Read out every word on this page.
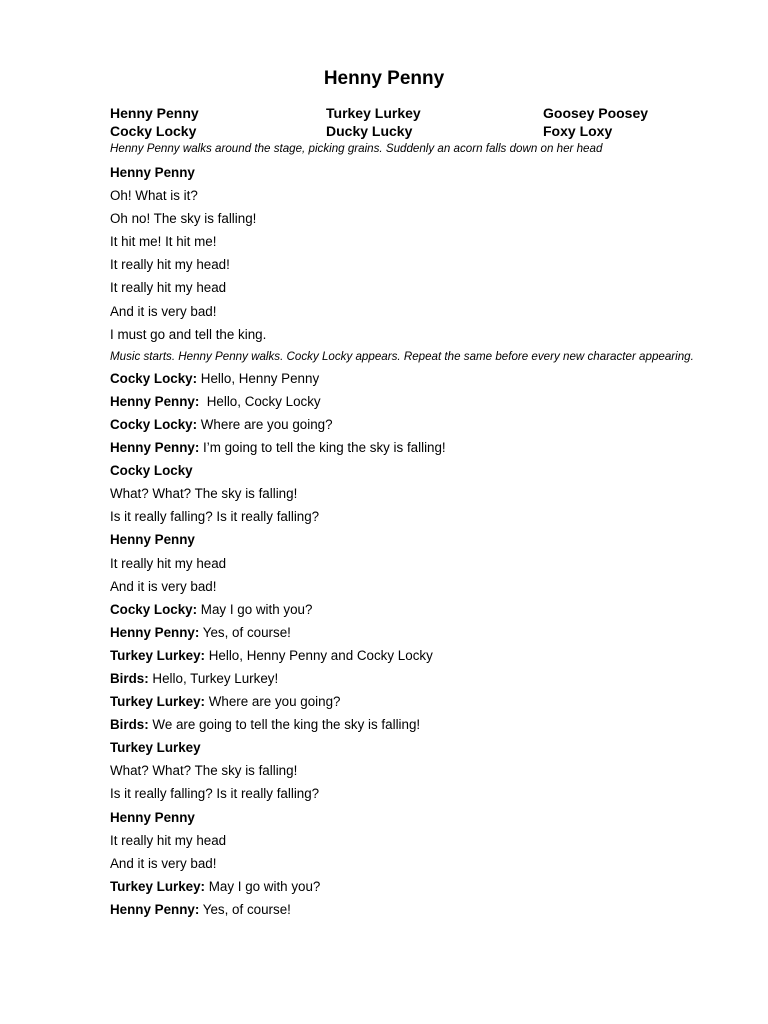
Henny Penny
Henny Penny	Turkey Lurkey	Goosey Poosey
Cocky Locky	Ducky Lucky	Foxy Loxy
Henny Penny walks around the stage, picking grains. Suddenly an acorn falls down on her head
Henny Penny
Oh! What is it?
Oh no! The sky is falling!
It hit me! It hit me!
It really hit my head!
It really hit my head
And it is very bad!
I must go and tell the king.
Music starts. Henny Penny walks. Cocky Locky appears. Repeat the same before every new character appearing.
Cocky Locky: Hello, Henny Penny
Henny Penny:  Hello, Cocky Locky
Cocky Locky: Where are you going?
Henny Penny: I’m going to tell the king the sky is falling!
Cocky Locky
What? What? The sky is falling!
Is it really falling? Is it really falling?
Henny Penny
It really hit my head
And it is very bad!
Cocky Locky: May I go with you?
Henny Penny: Yes, of course!
Turkey Lurkey: Hello, Henny Penny and Cocky Locky
Birds: Hello, Turkey Lurkey!
Turkey Lurkey: Where are you going?
Birds: We are going to tell the king the sky is falling!
Turkey Lurkey
What? What? The sky is falling!
Is it really falling? Is it really falling?
Henny Penny
It really hit my head
And it is very bad!
Turkey Lurkey: May I go with you?
Henny Penny: Yes, of course!
